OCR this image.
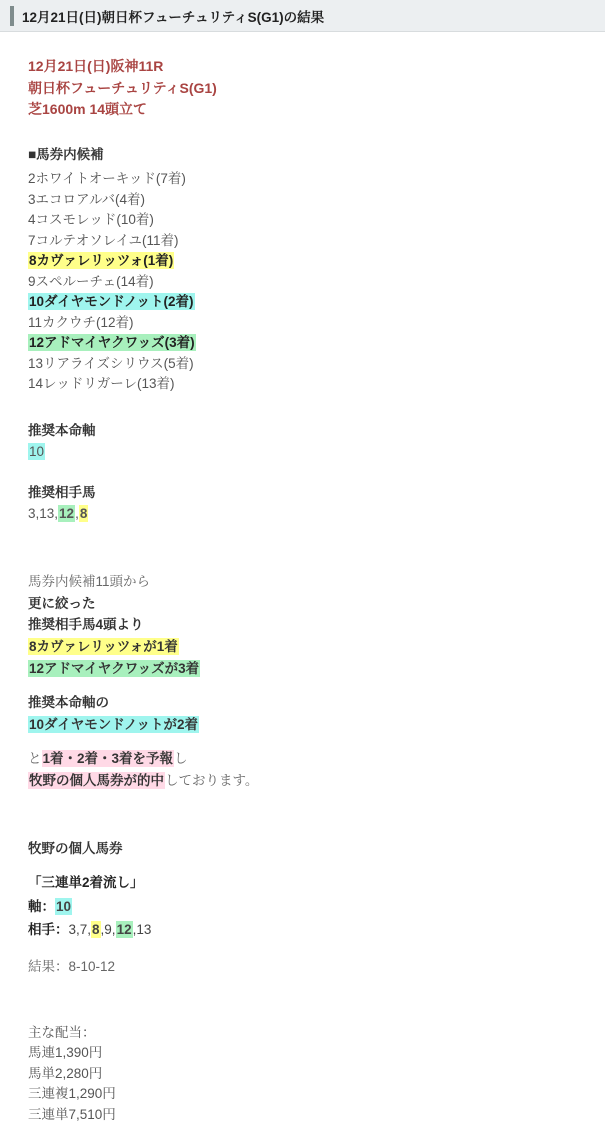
12月21日(日)朝日杯フューチュリティS(G1)の結果
12月21日(日)阪神11R
朝日杯フューチュリティS(G1)
芝1600m 14頭立て
■馬券内候補
2ホワイトオーキッド(7着)
3エコロアルバ(4着)
4コスモレッド(10着)
7コルテオソレイユ(11着)
8カヴァレリッツォ(1着)
9スペルーチェ(14着)
10ダイヤモンドノット(2着)
11カクウチ(12着)
12アドマイヤクワッズ(3着)
13リアライズシリウス(5着)
14レッドリガーレ(13着)
推奨本命軸
10
推奨相手馬
3,13,12,8
馬券内候補11頭から
更に絞った
推奨相手馬4頭より
8カヴァレリッツォが1着
12アドマイヤクワッズが3着
推奨本命軸の
10ダイヤモンドノットが2着
と1着・2着・3着を予報し
牧野の個人馬券が的中しております。
牧野の個人馬券
「三連単2着流し」
軸：10
相手：3,7,8,9,12,13
結果：8-10-12
主な配当：
馬連1,390円
馬単2,280円
三連複1,290円
三連単7,510円
